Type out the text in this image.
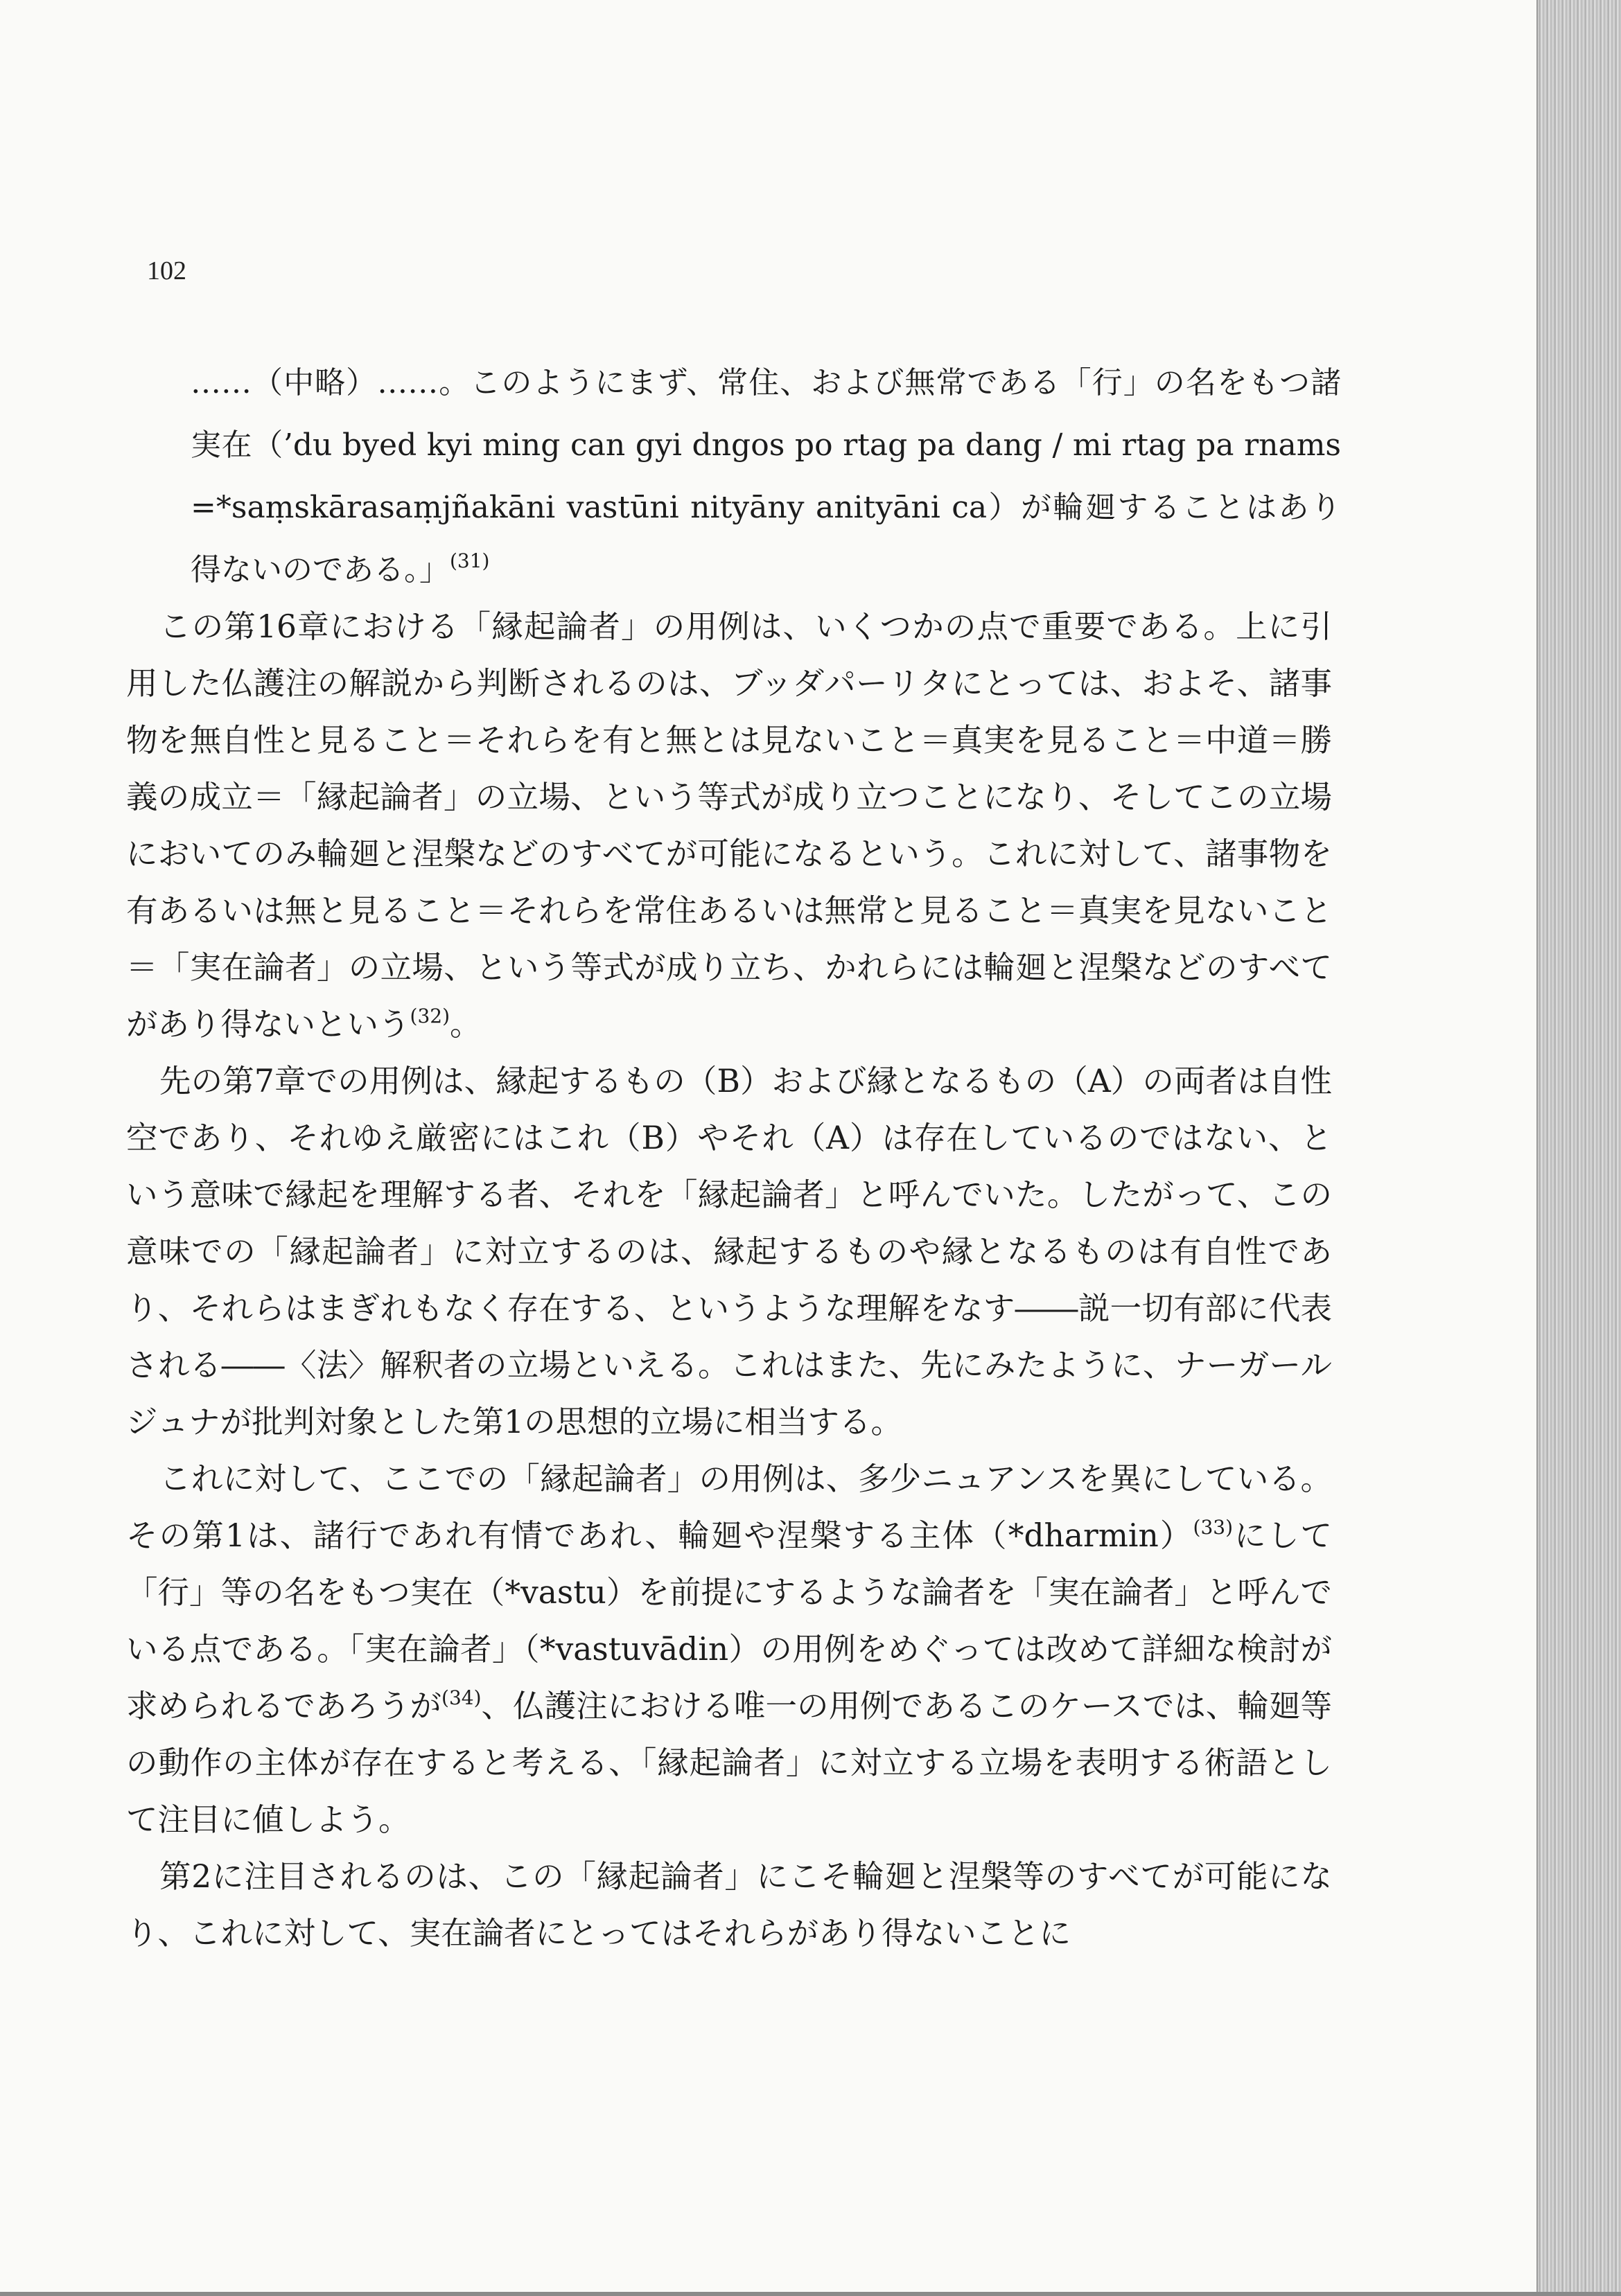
102
……（中略）……。このようにまず、常住、および無常である「行」の名をもつ諸実在（’du byed kyi ming can gyi dngos po rtag pa dang / mi rtag pa rnams =*saṃskārasaṃjñakāni vastūni nityāny anityāni ca）が輪廻することはあり得ないのである。」$^{(31)}$

この第16章における「縁起論者」の用例は、いくつかの点で重要である。上に引用した仏護注の解説から判断されるのは、ブッダパーリタにとっては、およそ、諸事物を無自性と見ること＝それらを有と無とは見ないこと＝真実を見ること＝中道＝勝義の成立＝「縁起論者」の立場、という等式が成り立つことになり、そしてこの立場においてのみ輪廻と涅槃などのすべてが可能になるという。これに対して、諸事物を有あるいは無と見ること＝それらを常住あるいは無常と見ること＝真実を見ないこと＝「実在論者」の立場、という等式が成り立ち、かれらには輪廻と涅槃などのすべてがあり得ないという$^{(32)}$。

先の第7章での用例は、縁起するもの（B）および縁となるもの（A）の両者は自性空であり、それゆえ厳密にはこれ（B）やそれ（A）は存在しているのではない、という意味で縁起を理解する者、それを「縁起論者」と呼んでいた。したがって、この意味での「縁起論者」に対立するのは、縁起するものや縁となるものは有自性であり、それらはまぎれもなく存在する、というような理解をなす――説一切有部に代表される――〈法〉解釈者の立場といえる。これはまた、先にみたように、ナーガールジュナが批判対象とした第1の思想的立場に相当する。

これに対して、ここでの「縁起論者」の用例は、多少ニュアンスを異にしている。その第1は、諸行であれ有情であれ、輪廻や涅槃する主体（*dharmin）$^{(33)}$にして「行」等の名をもつ実在（*vastu）を前提にするような論者を「実在論者」と呼んでいる点である。「実在論者」（*vastuvādin）の用例をめぐっては改めて詳細な検討が求められるであろうが$^{(34)}$、仏護注における唯一の用例であるこのケースでは、輪廻等の動作の主体が存在すると考える、「縁起論者」に対立する立場を表明する術語として注目に値しよう。

第2に注目されるのは、この「縁起論者」にこそ輪廻と涅槃等のすべてが可能になり、これに対して、実在論者にとってはそれらがあり得ないことに
